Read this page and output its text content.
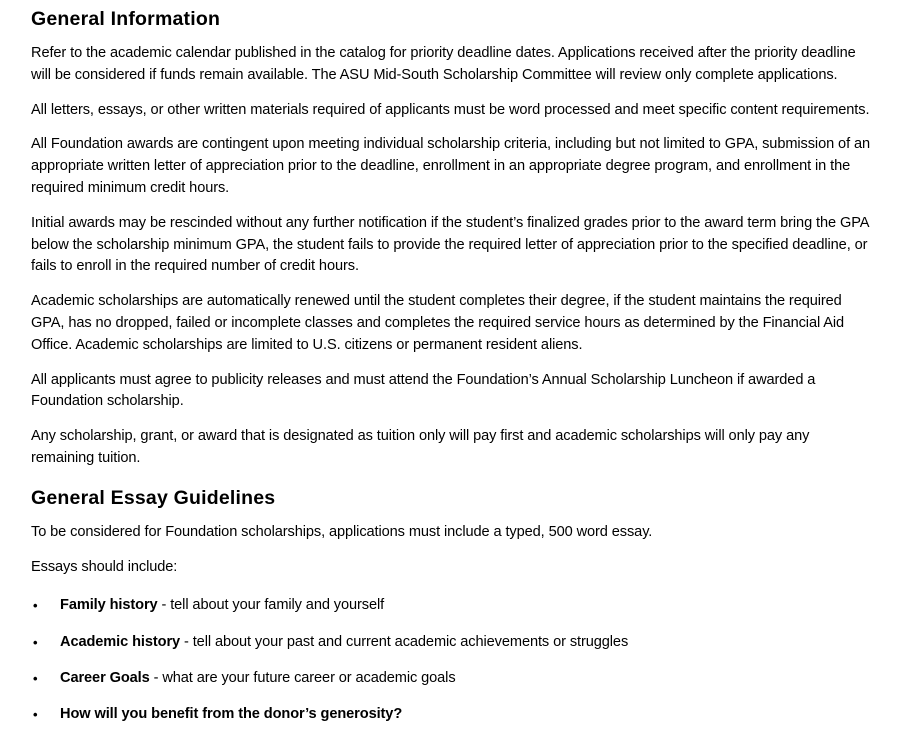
General Information

Refer to the academic calendar published in the catalog for priority deadline dates. Applications received after the priority deadline will be considered if funds remain available. The ASU Mid-South Scholarship Committee will review only complete applications.

All letters, essays, or other written materials required of applicants must be word processed and meet specific content requirements.

All Foundation awards are contingent upon meeting individual scholarship criteria, including but not limited to GPA, submission of an appropriate written letter of appreciation prior to the deadline, enrollment in an appropriate degree program, and enrollment in the required minimum credit hours.

Initial awards may be rescinded without any further notification if the student’s finalized grades prior to the award term bring the GPA below the scholarship minimum GPA, the student fails to provide the required letter of appreciation prior to the specified deadline, or fails to enroll in the required number of credit hours.

Academic scholarships are automatically renewed until the student completes their degree, if the student maintains the required GPA, has no dropped, failed or incomplete classes and completes the required service hours as determined by the Financial Aid Office. Academic scholarships are limited to U.S. citizens or permanent resident aliens.

All applicants must agree to publicity releases and must attend the Foundation’s Annual Scholarship Luncheon if awarded a Foundation scholarship.

Any scholarship, grant, or award that is designated as tuition only will pay first and academic scholarships will only pay any remaining tuition.

General Essay Guidelines

To be considered for Foundation scholarships, applications must include a typed, 500 word essay.

Essays should include:

• Family history - tell about your family and yourself
• Academic history - tell about your past and current academic achievements or struggles
• Career Goals - what are your future career or academic goals
• How will you benefit from the donor’s generosity?
